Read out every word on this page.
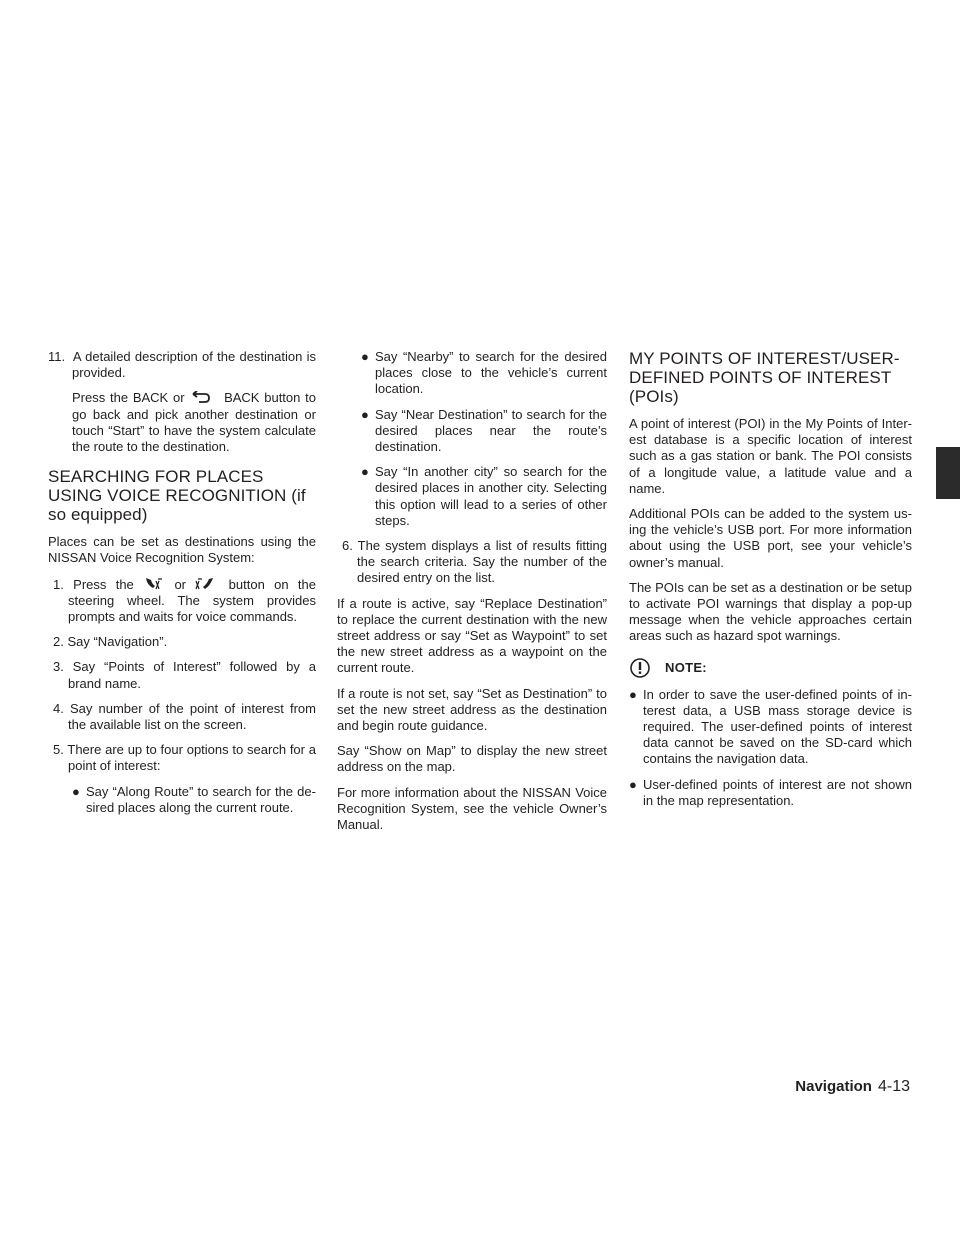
11. A detailed description of the destination is provided.

Press the BACK or	BACK button to go back and pick another destination or touch “Start” to have the system calculate the route to the destination.

SEARCHING FOR PLACES USING VOICE RECOGNITION (if so equipped)

Places can be set as destinations using the NISSAN Voice Recognition System:

1. Press the	or	button on the steering wheel. The system provides prompts and waits for voice commands.
2. Say “Navigation”.
3. Say “Points of Interest” followed by a brand name.
4. Say number of the point of interest from the available list on the screen.
5. There are up to four options to search for a point of interest:
● Say “Along Route” to search for the desired places along the current route.
● Say “Nearby” to search for the desired places close to the vehicle’s current location.
● Say “Near Destination” to search for the desired places near the route’s destination.
● Say “In another city” so search for the desired places in another city. Selecting this option will lead to a series of other steps.
6. The system displays a list of results fitting the search criteria. Say the number of the desired entry on the list.

If a route is active, say “Replace Destination” to replace the current destination with the new street address or say “Set as Waypoint” to set the new street address as a waypoint on the current route.

If a route is not set, say “Set as Destination” to set the new street address as the destination and begin route guidance.

Say “Show on Map” to display the new street address on the map.

For more information about the NISSAN Voice Recognition System, see the vehicle Owner’s Manual.

MY POINTS OF INTEREST/USER-DEFINED POINTS OF INTEREST (POIs)

A point of interest (POI) in the My Points of Interest database is a specific location of interest such as a gas station or bank. The POI consists of a longitude value, a latitude value and a name.

Additional POIs can be added to the system using the vehicle’s USB port. For more information about using the USB port, see your vehicle’s owner’s manual.

The POIs can be set as a destination or be setup to activate POI warnings that display a pop-up message when the vehicle approaches certain areas such as hazard spot warnings.

NOTE:
● In order to save the user-defined points of interest data, a USB mass storage device is required. The user-defined points of interest data cannot be saved on the SD-card which contains the navigation data.
● User-defined points of interest are not shown in the map representation.
Navigation 4-13
